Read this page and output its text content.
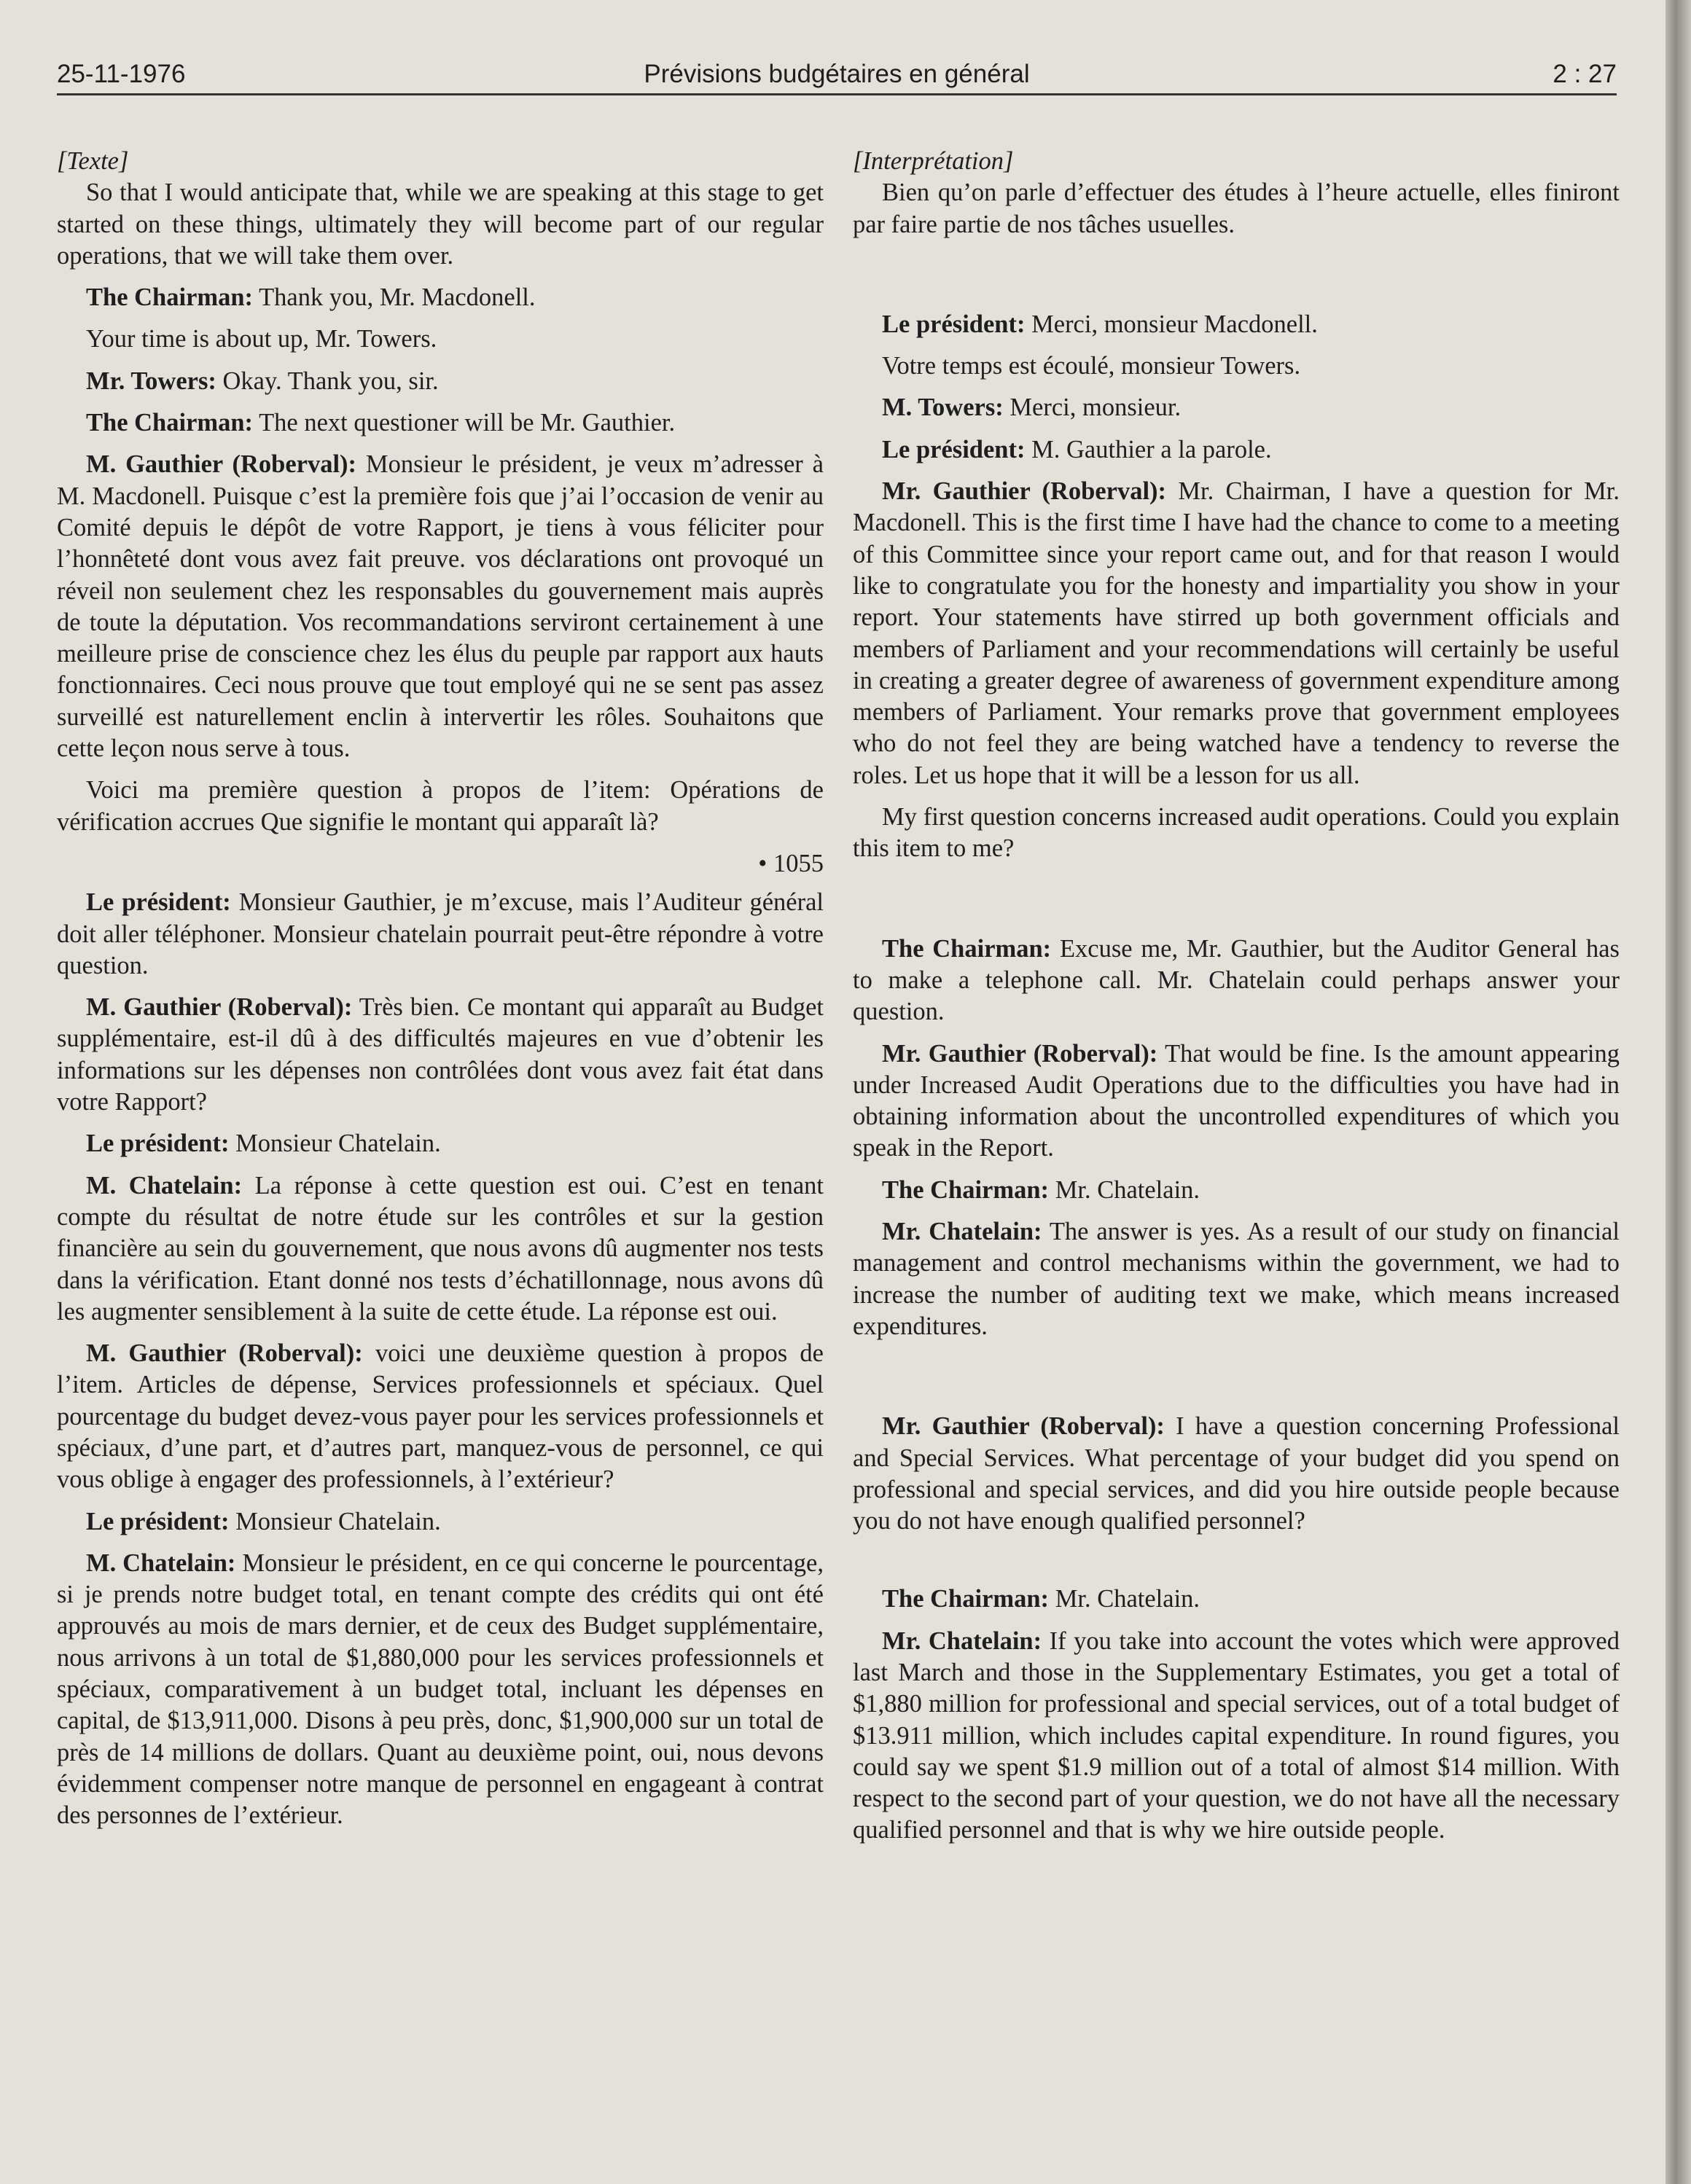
25-11-1976	Prévisions budgétaires en général	2 : 27

[Texte]

So that I would anticipate that, while we are speaking at this stage to get started on these things, ultimately they will become part of our regular operations, that we will take them over.

The Chairman: Thank you, Mr. Macdonell.

Your time is about up, Mr. Towers.

Mr. Towers: Okay. Thank you, sir.

The Chairman: The next questioner will be Mr. Gauthier.

M. Gauthier (Roberval): Monsieur le président, je veux m’adresser à M. Macdonell. Puisque c’est la première fois que j’ai l’occasion de venir au Comité depuis le dépôt de votre Rapport, je tiens à vous féliciter pour l’honnêteté dont vous avez fait preuve. vos déclarations ont provoqué un réveil non seulement chez les responsables du gouvernement mais auprès de toute la députation. Vos recommandations serviront certainement à une meilleure prise de conscience chez les élus du peuple par rapport aux hauts fonctionnaires. Ceci nous prouve que tout employé qui ne se sent pas assez surveillé est naturellement enclin à intervertir les rôles. Souhaitons que cette leçon nous serve à tous.

Voici ma première question à propos de l’item: Opérations de vérification accrues Que signifie le montant qui apparaît là?

• 1055

Le président: Monsieur Gauthier, je m’excuse, mais l’Auditeur général doit aller téléphoner. Monsieur chatelain pourrait peut-être répondre à votre question.

M. Gauthier (Roberval): Très bien. Ce montant qui apparaît au Budget supplémentaire, est-il dû à des difficultés majeures en vue d’obtenir les informations sur les dépenses non contrôlées dont vous avez fait état dans votre Rapport?

Le président: Monsieur Chatelain.

M. Chatelain: La réponse à cette question est oui. C’est en tenant compte du résultat de notre étude sur les contrôles et sur la gestion financière au sein du gouvernement, que nous avons dû augmenter nos tests dans la vérification. Etant donné nos tests d’échatillonnage, nous avons dû les augmenter sensiblement à la suite de cette étude. La réponse est oui.

M. Gauthier (Roberval): voici une deuxième question à propos de l’item. Articles de dépense, Services professionnels et spéciaux. Quel pourcentage du budget devez-vous payer pour les services professionnels et spéciaux, d’une part, et d’autres part, manquez-vous de personnel, ce qui vous oblige à engager des professionnels, à l’extérieur?

Le président: Monsieur Chatelain.

M. Chatelain: Monsieur le président, en ce qui concerne le pourcentage, si je prends notre budget total, en tenant compte des crédits qui ont été approuvés au mois de mars dernier, et de ceux des Budget supplémentaire, nous arrivons à un total de $1,880,000 pour les services professionnels et spéciaux, comparativement à un budget total, incluant les dépenses en capital, de $13,911,000. Disons à peu près, donc, $1,900,000 sur un total de près de 14 millions de dollars. Quant au deuxième point, oui, nous devons évidemment compenser notre manque de personnel en engageant à contrat des personnes de l’extérieur.

[Interprétation]

Bien qu’on parle d’effectuer des études à l’heure actuelle, elles finiront par faire partie de nos tâches usuelles.

Le président: Merci, monsieur Macdonell.

Votre temps est écoulé, monsieur Towers.

M. Towers: Merci, monsieur.

Le président: M. Gauthier a la parole.

Mr. Gauthier (Roberval): Mr. Chairman, I have a question for Mr. Macdonell. This is the first time I have had the chance to come to a meeting of this Committee since your report came out, and for that reason I would like to congratulate you for the honesty and impartiality you show in your report. Your statements have stirred up both government officials and members of Parliament and your recommendations will certainly be useful in creating a greater degree of awareness of government expenditure among members of Parliament. Your remarks prove that government employees who do not feel they are being watched have a tendency to reverse the roles. Let us hope that it will be a lesson for us all.

My first question concerns increased audit operations. Could you explain this item to me?

The Chairman: Excuse me, Mr. Gauthier, but the Auditor General has to make a telephone call. Mr. Chatelain could perhaps answer your question.

Mr. Gauthier (Roberval): That would be fine. Is the amount appearing under Increased Audit Operations due to the difficulties you have had in obtaining information about the uncontrolled expenditures of which you speak in the Report.

The Chairman: Mr. Chatelain.

Mr. Chatelain: The answer is yes. As a result of our study on financial management and control mechanisms within the government, we had to increase the number of auditing text we make, which means increased expenditures.

Mr. Gauthier (Roberval): I have a question concerning Professional and Special Services. What percentage of your budget did you spend on professional and special services, and did you hire outside people because you do not have enough qualified personnel?

The Chairman: Mr. Chatelain.

Mr. Chatelain: If you take into account the votes which were approved last March and those in the Supplementary Estimates, you get a total of $1,880 million for professional and special services, out of a total budget of $13.911 million, which includes capital expenditure. In round figures, you could say we spent $1.9 million out of a total of almost $14 million. With respect to the second part of your question, we do not have all the necessary qualified personnel and that is why we hire outside people.
